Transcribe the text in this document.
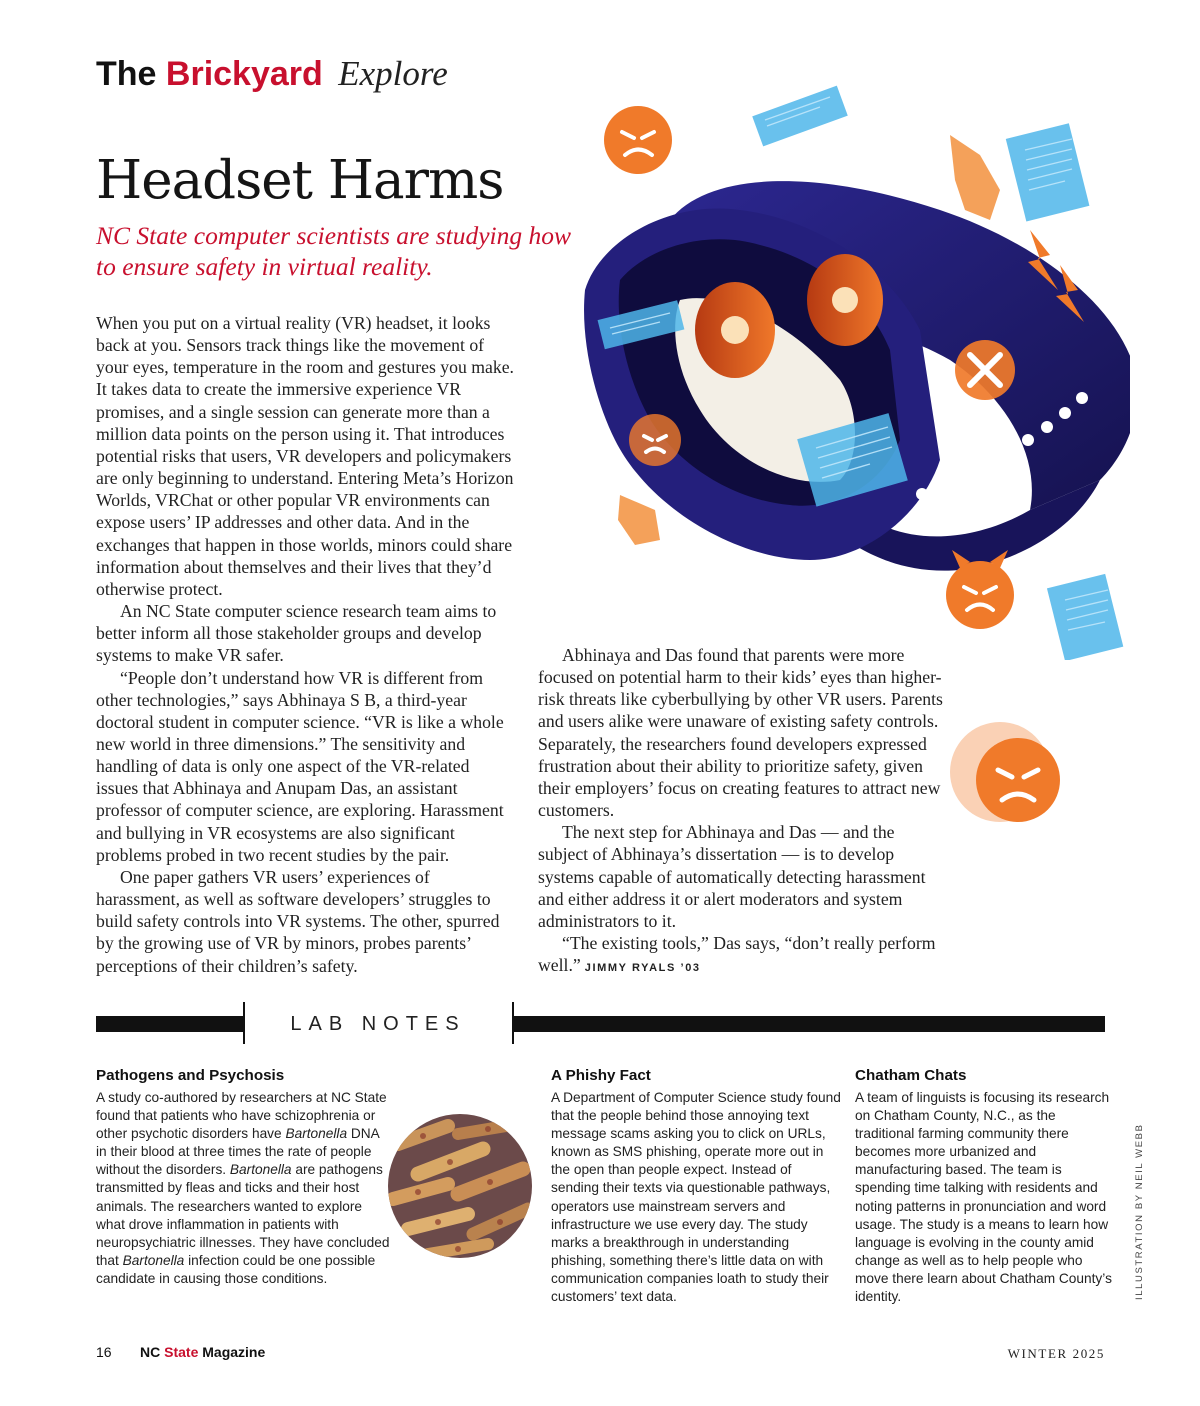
The Brickyard Explore
Headset Harms
NC State computer scientists are studying how to ensure safety in virtual reality.

When you put on a virtual reality (VR) headset, it looks back at you. Sensors track things like the movement of your eyes, temperature in the room and gestures you make. It takes data to create the immersive experience VR promises, and a single session can generate more than a million data points on the person using it. That introduces potential risks that users, VR developers and policymakers are only beginning to understand. Entering Meta’s Horizon Worlds, VRChat or other popular VR environments can expose users’ IP addresses and other data. And in the exchanges that happen in those worlds, minors could share information about themselves and their lives that they’d otherwise protect.

An NC State computer science research team aims to better inform all those stakeholder groups and develop systems to make VR safer.

“People don’t understand how VR is different from other technologies,” says Abhinaya S B, a third-year doctoral student in computer science. “VR is like a whole new world in three dimensions.” The sensitivity and handling of data is only one aspect of the VR-related issues that Abhinaya and Anupam Das, an assistant professor of computer science, are exploring. Harassment and bullying in VR ecosystems are also significant problems probed in two recent studies by the pair.

One paper gathers VR users’ experiences of harassment, as well as software developers’ struggles to build safety controls into VR systems. The other, spurred by the growing use of VR by minors, probes parents’ perceptions of their children’s safety.

Abhinaya and Das found that parents were more focused on potential harm to their kids’ eyes than higher-risk threats like cyberbullying by other VR users. Parents and users alike were unaware of existing safety controls. Separately, the researchers found developers expressed frustration about their ability to prioritize safety, given their employers’ focus on creating features to attract new customers.

The next step for Abhinaya and Das — and the subject of Abhinaya’s dissertation — is to develop systems capable of automatically detecting harassment and either address it or alert moderators and system administrators to it.

“The existing tools,” Das says, “don’t really perform well.” JIMMY RYALS ’03

LAB NOTES
Pathogens and Psychosis

A study co-authored by researchers at NC State found that patients who have schizophrenia or other psychotic disorders have Bartonella DNA in their blood at three times the rate of people without the disorders. Bartonella are pathogens transmitted by fleas and ticks and their host animals. The researchers wanted to explore what drove inflammation in patients with neuropsychiatric illnesses. They have concluded that Bartonella infection could be one possible candidate in causing those conditions.

A Phishy Fact

A Department of Computer Science study found that the people behind those annoying text message scams asking you to click on URLs, known as SMS phishing, operate more out in the open than people expect. Instead of sending their texts via questionable pathways, operators use mainstream servers and infrastructure we use every day. The study marks a breakthrough in understanding phishing, something there’s little data on with communication companies loath to study their customers’ text data.

Chatham Chats

A team of linguists is focusing its research on Chatham County, N.C., as the traditional farming community there becomes more urbanized and manufacturing based. The team is spending time talking with residents and noting patterns in pronunciation and word usage. The study is a means to learn how language is evolving in the county amid change as well as to help people who move there learn about Chatham County’s identity.	ILLUSTRATION BY NEIL WEBB
16 NC State Magazine	WINTER 2025
